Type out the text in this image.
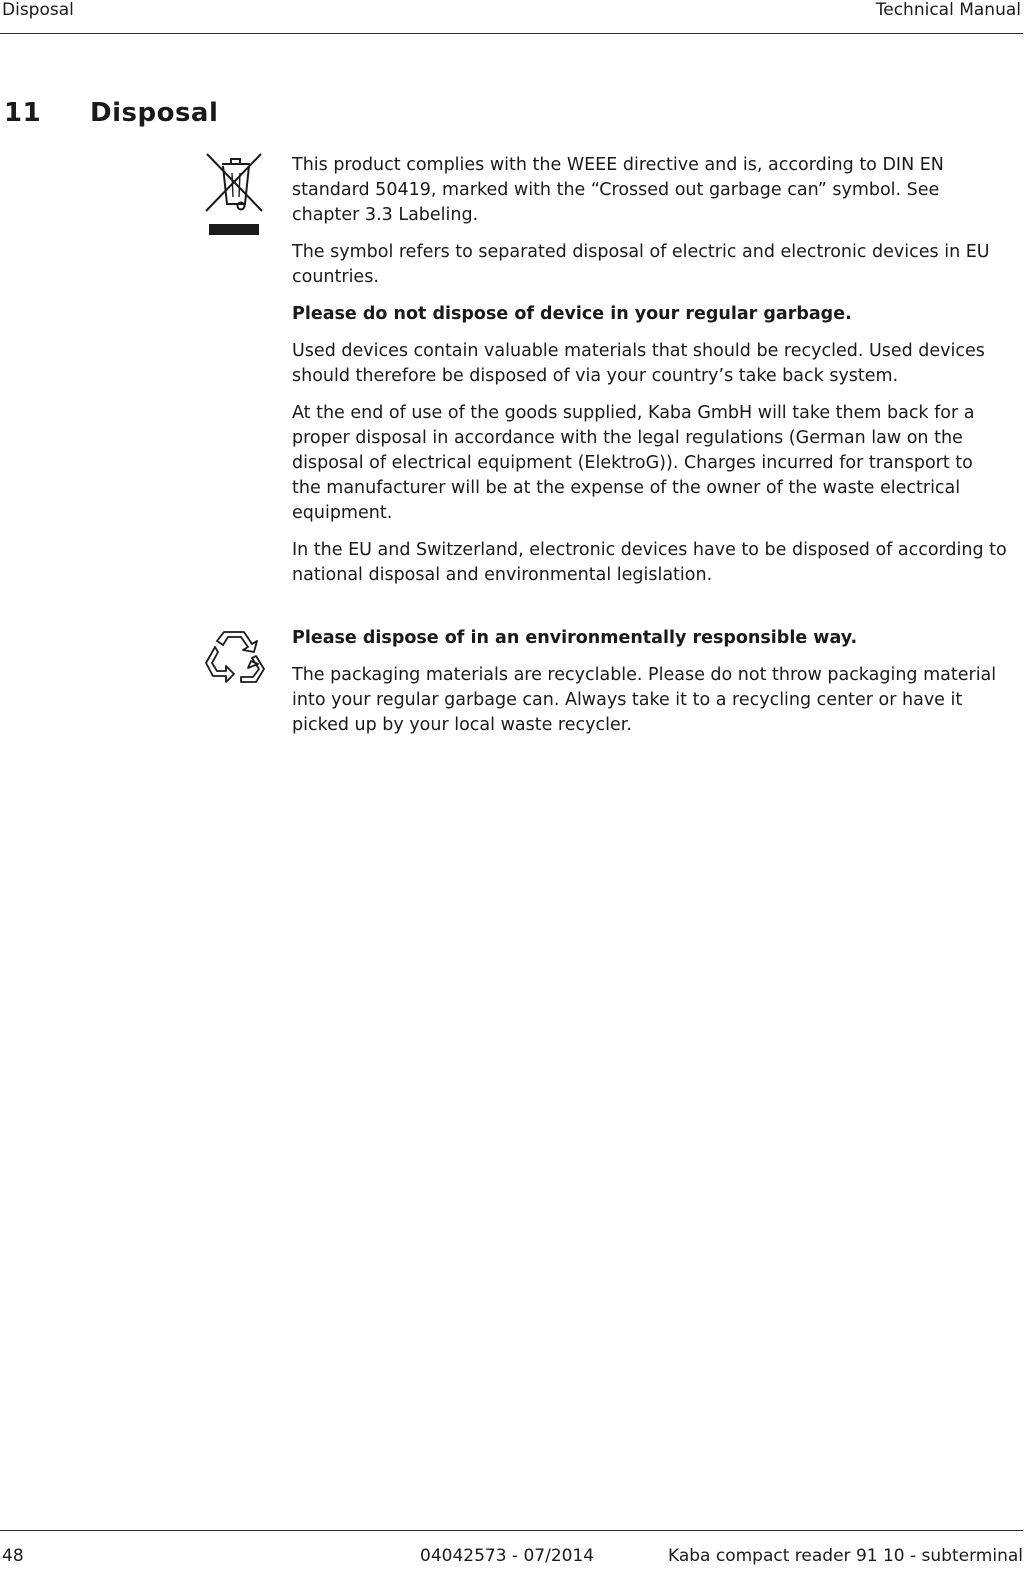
Disposal	Technical Manual
11 Disposal

This product complies with the WEEE directive and is, according to DIN EN standard 50419, marked with the “Crossed out garbage can” symbol. See chapter 3.3 Labeling.

The symbol refers to separated disposal of electric and electronic devices in EU countries.

Please do not dispose of device in your regular garbage.

Used devices contain valuable materials that should be recycled. Used devices should therefore be disposed of via your country’s take back system.

At the end of use of the goods supplied, Kaba GmbH will take them back for a proper disposal in accordance with the legal regulations (German law on the disposal of electrical equipment (ElektroG)). Charges incurred for transport to the manufacturer will be at the expense of the owner of the waste electrical equipment.

In the EU and Switzerland, electronic devices have to be disposed of according to national disposal and environmental legislation.

Please dispose of in an environmentally responsible way.

The packaging materials are recyclable. Please do not throw packaging material into your regular garbage can. Always take it to a recycling center or have it picked up by your local waste recycler.

48	04042573 - 07/2014	Kaba compact reader 91 10 - subterminal
